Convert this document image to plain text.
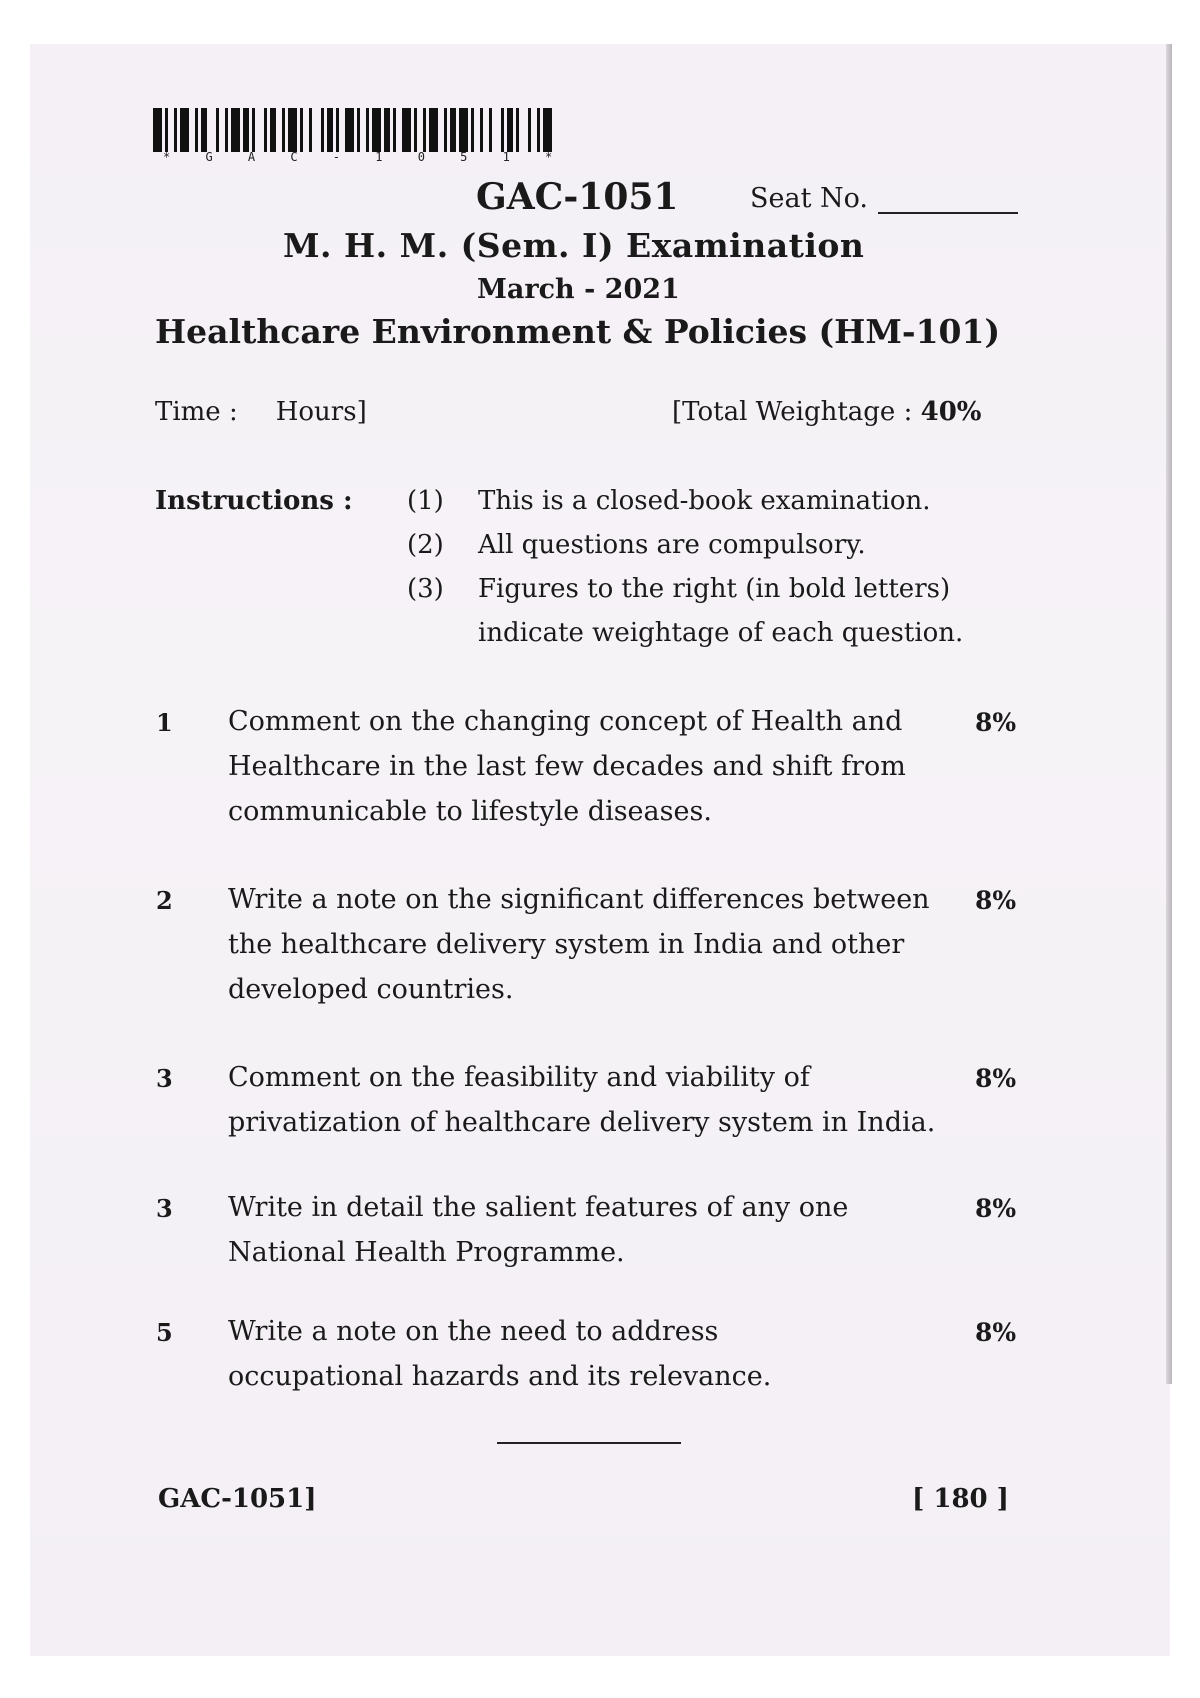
* G A C - 1 0 5 1 *
GAC-1051	Seat No.
M. H. M. (Sem. I) Examination
March - 2021
Healthcare Environment & Policies (HM-101)
Time : Hours]	[Total Weightage : 40%
Instructions : (1) This is a closed-book examination.
(2) All questions are compulsory.
(3) Figures to the right (in bold letters)
indicate weightage of each question.
1 Comment on the changing concept of Health and Healthcare in the last few decades and shift from communicable to lifestyle diseases.
8%
2 Write a note on the significant differences between the healthcare delivery system in India and other developed countries.
8%
3 Comment on the feasibility and viability of privatization of healthcare delivery system in India.
8%
3 Write in detail the salient features of any one National Health Programme.
8%
5 Write a note on the need to address occupational hazards and its relevance.
8%
GAC-1051]	[ 180 ]
